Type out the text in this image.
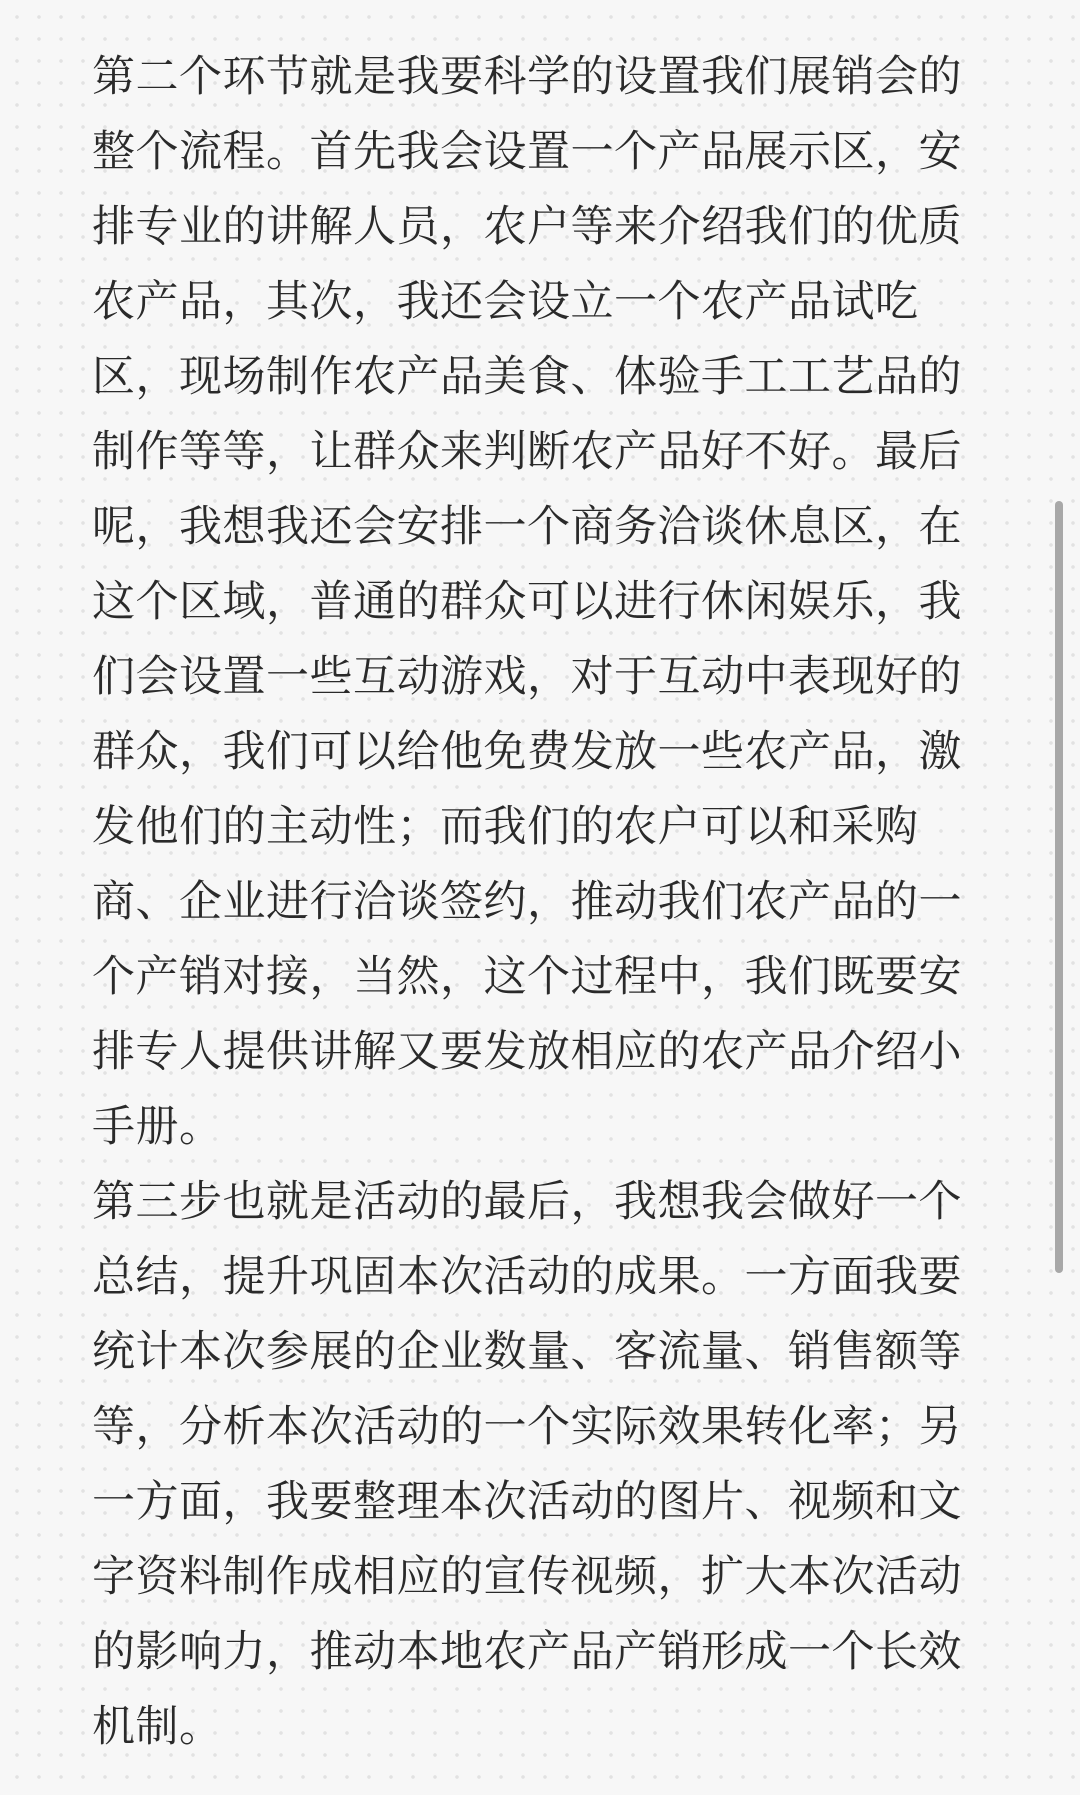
第二个环节就是我要科学的设置我们展销会的
整个流程。首先我会设置一个产品展示区，安
排专业的讲解人员，农户等来介绍我们的优质
农产品，其次，我还会设立一个农产品试吃
区，现场制作农产品美食、体验手工工艺品的
制作等等，让群众来判断农产品好不好。最后
呢，我想我还会安排一个商务洽谈休息区，在
这个区域，普通的群众可以进行休闲娱乐，我
们会设置一些互动游戏，对于互动中表现好的
群众，我们可以给他免费发放一些农产品，激
发他们的主动性；而我们的农户可以和采购
商、企业进行洽谈签约，推动我们农产品的一
个产销对接，当然，这个过程中，我们既要安
排专人提供讲解又要发放相应的农产品介绍小
手册。

第三步也就是活动的最后，我想我会做好一个
总结，提升巩固本次活动的成果。一方面我要
统计本次参展的企业数量、客流量、销售额等
等，分析本次活动的一个实际效果转化率；另
一方面，我要整理本次活动的图片、视频和文
字资料制作成相应的宣传视频，扩大本次活动
的影响力，推动本地农产品产销形成一个长效
机制。
